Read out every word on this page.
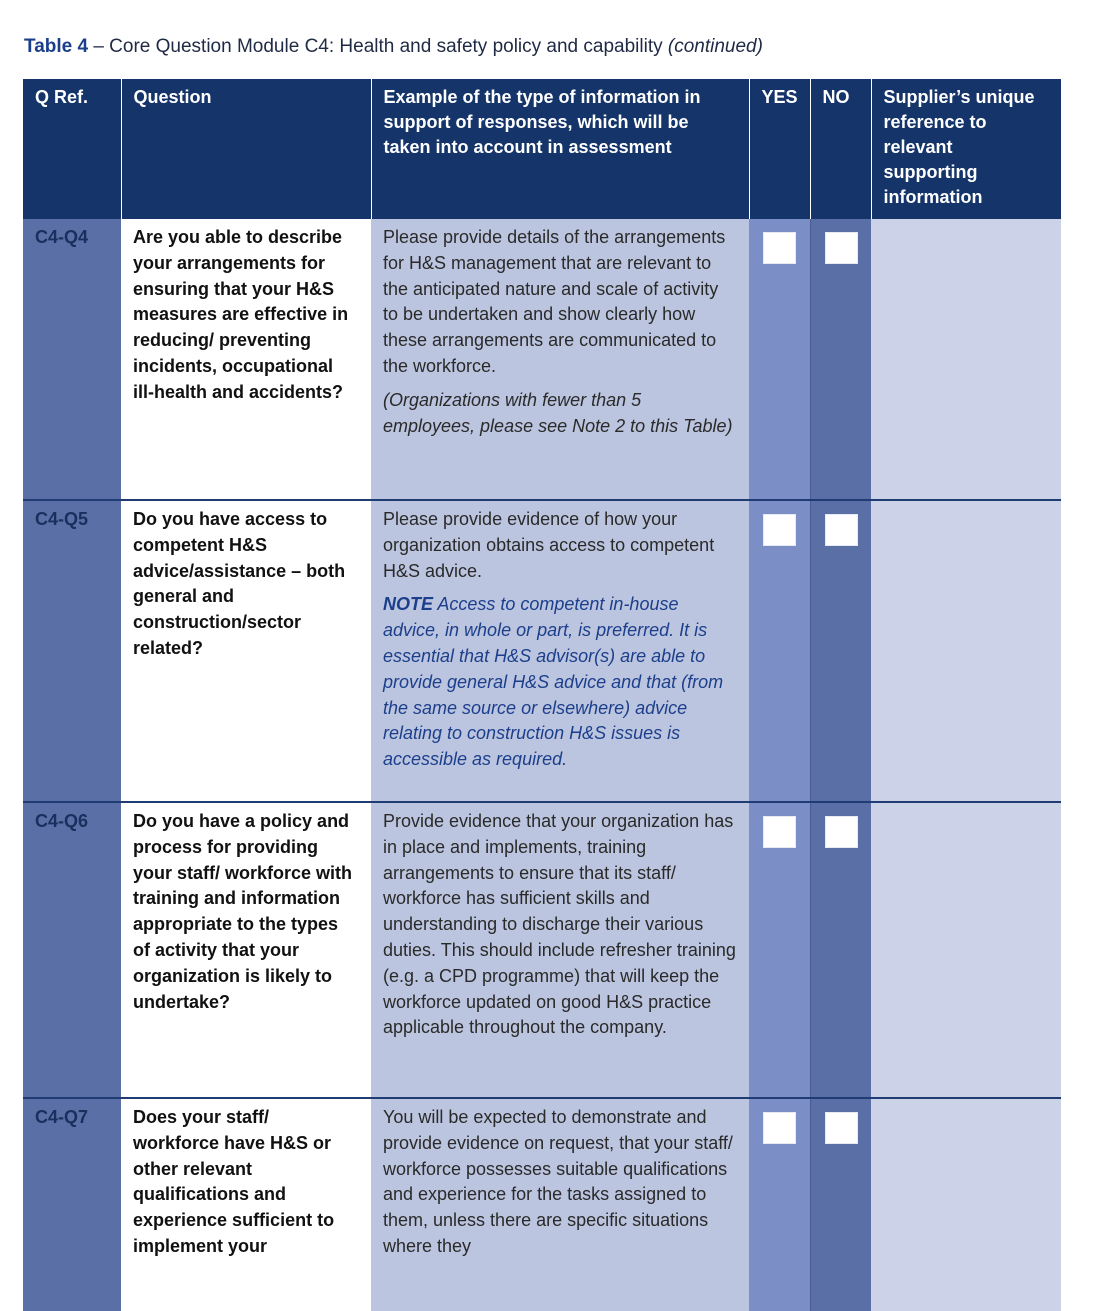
Table 4 – Core Question Module C4: Health and safety policy and capability (continued)
Q Ref.	Question	Example of the type of information in support of responses, which will be taken into account in assessment	YES	NO	Supplier’s unique reference to relevant supporting information
C4-Q4	Are you able to describe your arrangements for ensuring that your H&S measures are effective in reducing/ preventing incidents, occupational ill-health and accidents?	Please provide details of the arrangements for H&S management that are relevant to the anticipated nature and scale of activity to be undertaken and show clearly how these arrangements are communicated to the workforce.

(Organizations with fewer than 5 employees, please see Note 2 to this Table)			

C4-Q5	Do you have access to competent H&S advice/assistance – both general and construction/sector related?	Please provide evidence of how your organization obtains access to competent H&S advice.

NOTE Access to competent in-house advice, in whole or part, is preferred. It is essential that H&S advisor(s) are able to provide general H&S advice and that (from the same source or elsewhere) advice relating to construction H&S issues is accessible as required.			

C4-Q6	Do you have a policy and process for providing your staff/ workforce with training and information appropriate to the types of activity that your organization is likely to undertake?	Provide evidence that your organization has in place and implements, training arrangements to ensure that its staff/ workforce has sufficient skills and understanding to discharge their various duties. This should include refresher training (e.g. a CPD programme) that will keep the workforce updated on good H&S practice applicable throughout the company.			

C4-Q7	Does your staff/ workforce have H&S or other relevant qualifications and experience sufficient to implement your	You will be expected to demonstrate and provide evidence on request, that your staff/ workforce possesses suitable qualifications and experience for the tasks assigned to them, unless there are specific situations where they			
